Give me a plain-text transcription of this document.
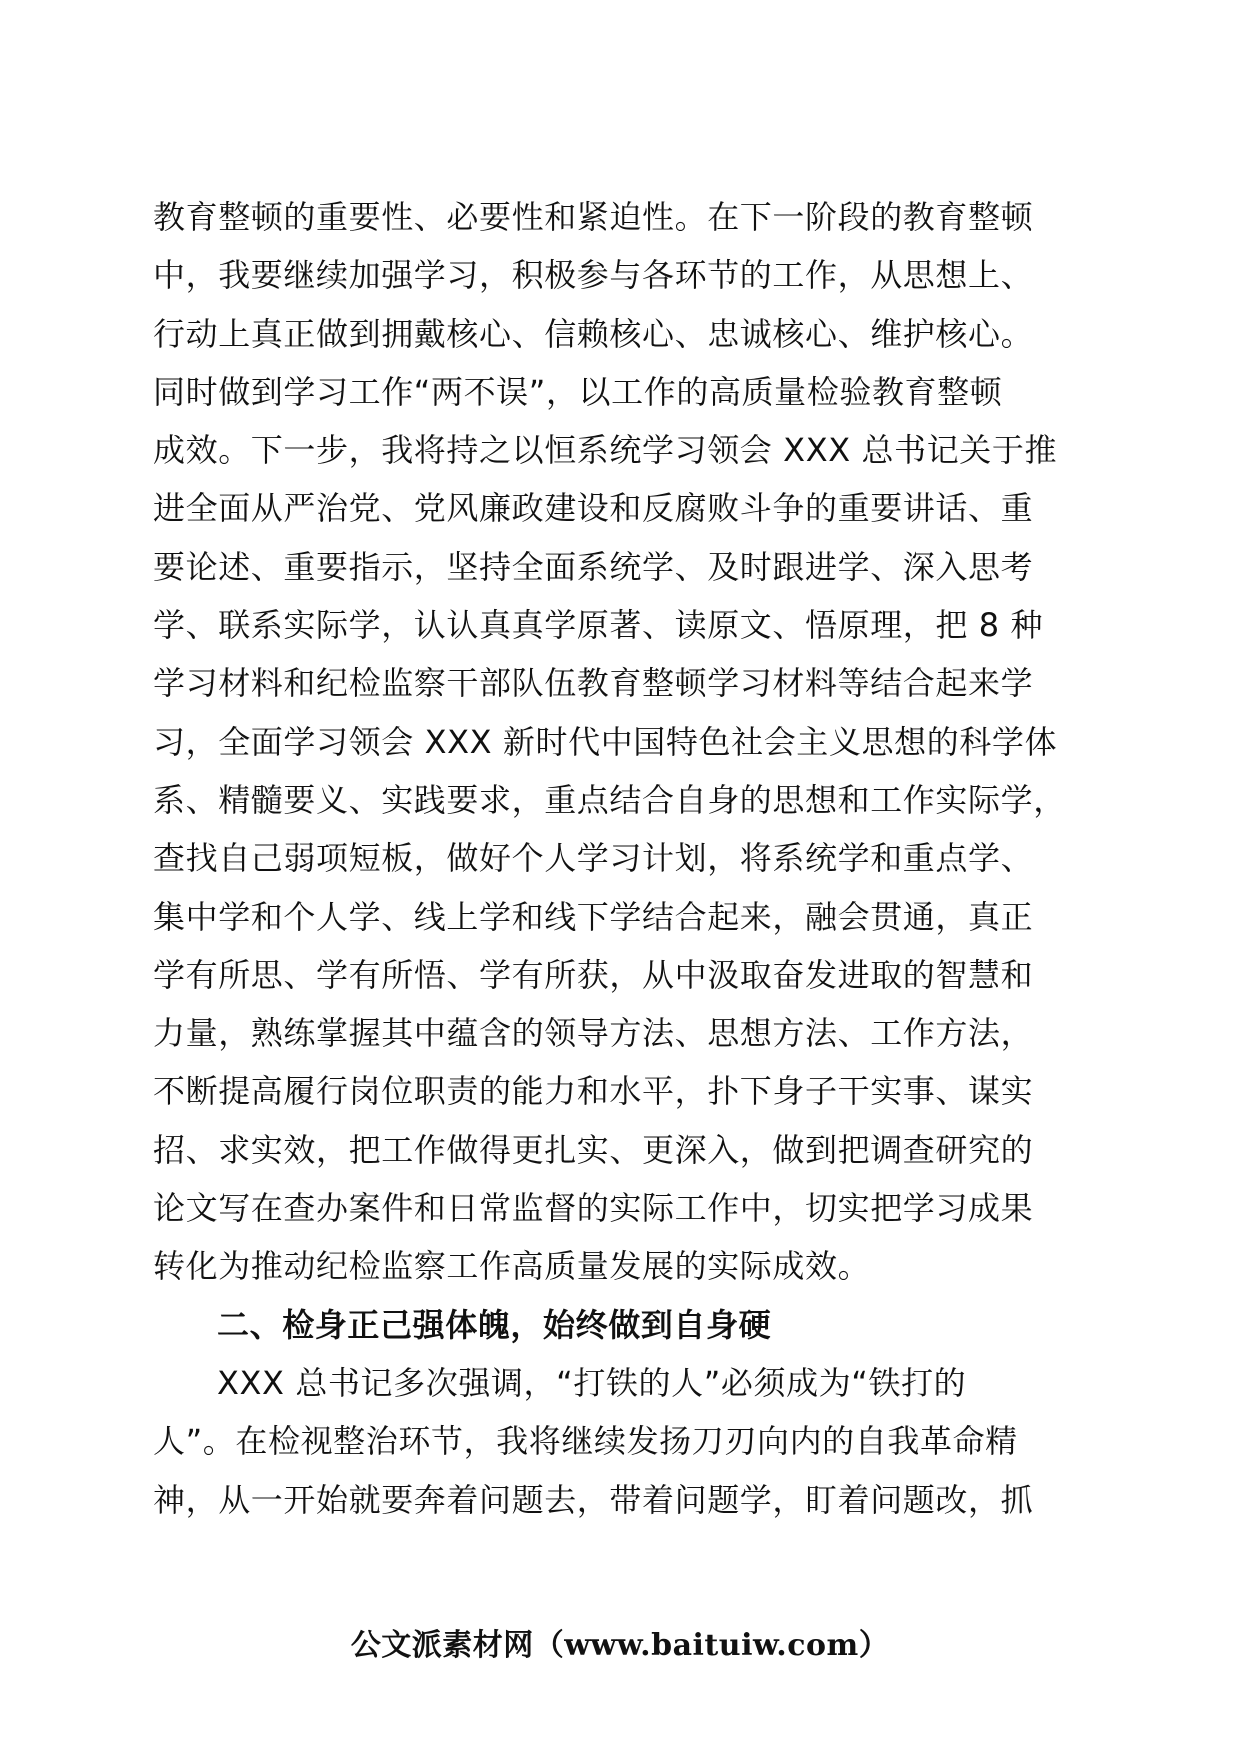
教育整顿的重要性、必要性和紧迫性。在下一阶段的教育整顿
中，我要继续加强学习，积极参与各环节的工作，从思想上、
行动上真正做到拥戴核心、信赖核心、忠诚核心、维护核心。
同时做到学习工作“两不误”，以工作的高质量检验教育整顿
成效。下一步，我将持之以恒系统学习领会 XXX 总书记关于推
进全面从严治党、党风廉政建设和反腐败斗争的重要讲话、重
要论述、重要指示，坚持全面系统学、及时跟进学、深入思考
学、联系实际学，认认真真学原著、读原文、悟原理，把 8 种
学习材料和纪检监察干部队伍教育整顿学习材料等结合起来学
习，全面学习领会 XXX 新时代中国特色社会主义思想的科学体
系、精髓要义、实践要求，重点结合自身的思想和工作实际学，
查找自己弱项短板，做好个人学习计划，将系统学和重点学、
集中学和个人学、线上学和线下学结合起来，融会贯通，真正
学有所思、学有所悟、学有所获，从中汲取奋发进取的智慧和
力量，熟练掌握其中蕴含的领导方法、思想方法、工作方法，
不断提高履行岗位职责的能力和水平，扑下身子干实事、谋实
招、求实效，把工作做得更扎实、更深入，做到把调查研究的
论文写在查办案件和日常监督的实际工作中，切实把学习成果
转化为推动纪检监察工作高质量发展的实际成效。
二、检身正己强体魄，始终做到自身硬
XXX 总书记多次强调，“打铁的人”必须成为“铁打的
人”。在检视整治环节，我将继续发扬刀刃向内的自我革命精
神，从一开始就要奔着问题去，带着问题学，盯着问题改，抓
公文派素材网（www.baituiw.com）
